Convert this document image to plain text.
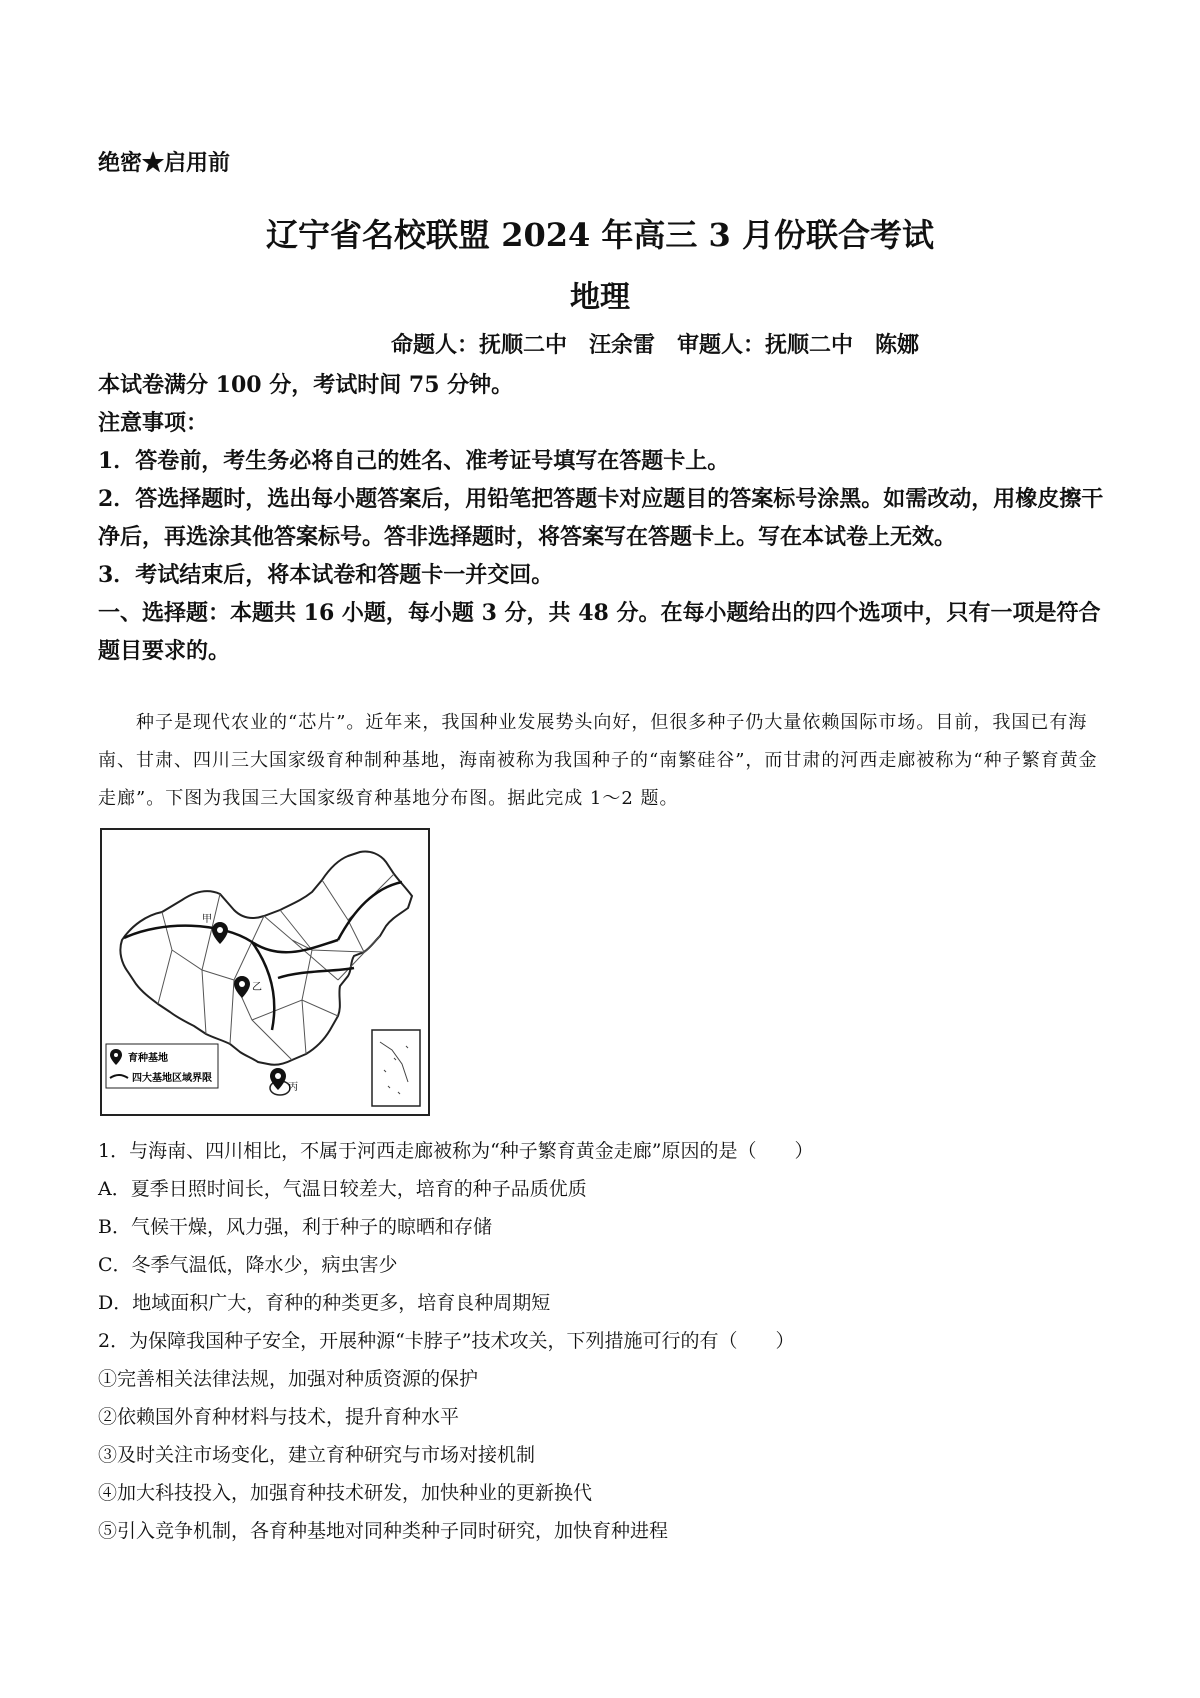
绝密★启用前
辽宁省名校联盟 2024 年高三 3 月份联合考试
地理
命题人：抚顺二中　汪余雷　审题人：抚顺二中　陈娜

本试卷满分 100 分，考试时间 75 分钟。

注意事项：

1．答卷前，考生务必将自己的姓名、准考证号填写在答题卡上。

2．答选择题时，选出每小题答案后，用铅笔把答题卡对应题目的答案标号涂黑。如需改动，用橡皮擦干净后，再选涂其他答案标号。答非选择题时，将答案写在答题卡上。写在本试卷上无效。

3．考试结束后，将本试卷和答题卡一并交回。

一、选择题：本题共 16 小题，每小题 3 分，共 48 分。在每小题给出的四个选项中，只有一项是符合题目要求的。

种子是现代农业的“芯片”。近年来，我国种业发展势头向好，但很多种子仍大量依赖国际市场。目前，我国已有海南、甘肃、四川三大国家级育种制种基地，海南被称为我国种子的“南繁硅谷”，而甘肃的河西走廊被称为“种子繁育黄金走廊”。下图为我国三大国家级育种基地分布图。据此完成 1～2 题。

甲
乙
丙
育种基地
四大基地区域界限

1．与海南、四川相比，不属于河西走廊被称为“种子繁育黄金走廊”原因的是（　　）

A．夏季日照时间长，气温日较差大，培育的种子品质优质

B．气候干燥，风力强，利于种子的晾晒和存储

C．冬季气温低，降水少，病虫害少

D．地域面积广大，育种的种类更多，培育良种周期短

2．为保障我国种子安全，开展种源“卡脖子”技术攻关，下列措施可行的有（　　）

①完善相关法律法规，加强对种质资源的保护

②依赖国外育种材料与技术，提升育种水平

③及时关注市场变化，建立育种研究与市场对接机制

④加大科技投入，加强育种技术研发，加快种业的更新换代

⑤引入竞争机制，各育种基地对同种类种子同时研究，加快育种进程
